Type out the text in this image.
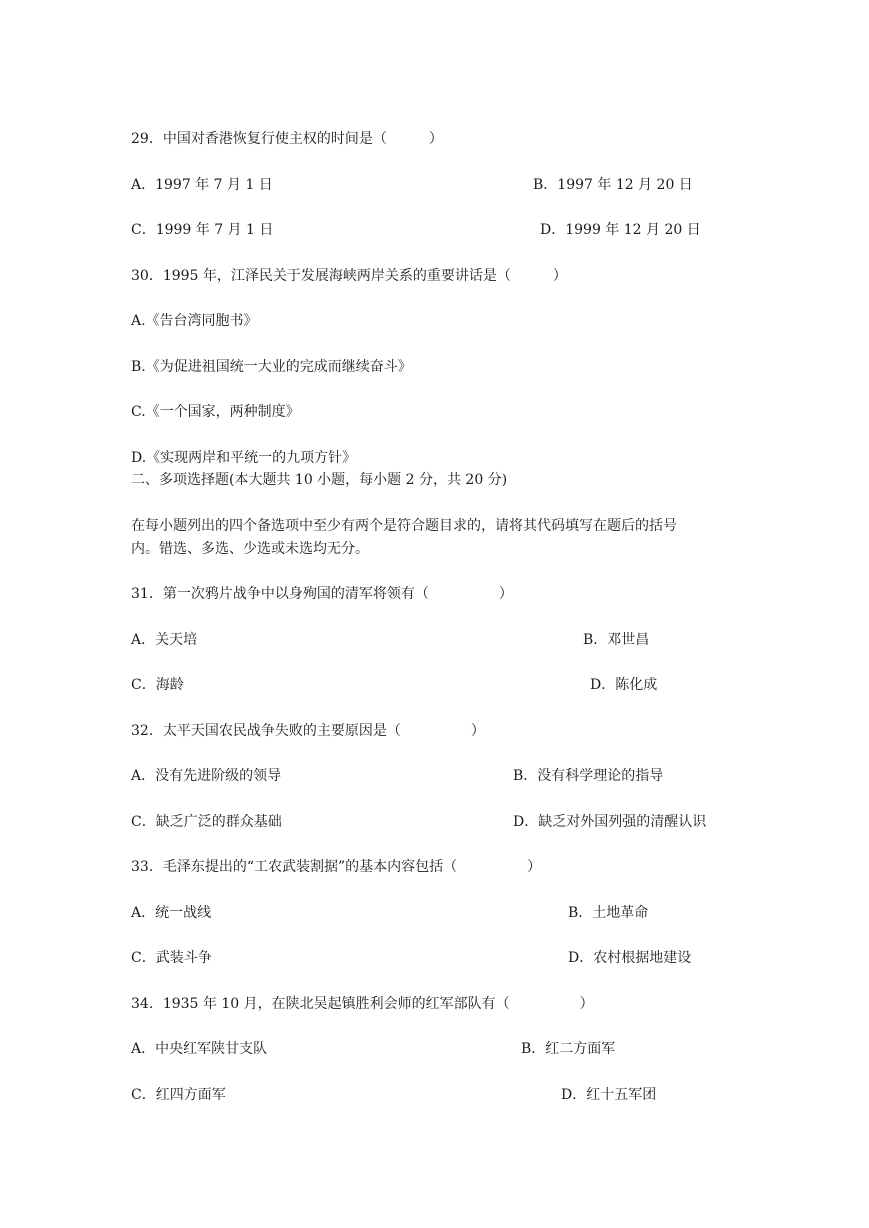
29．中国对香港恢复行使主权的时间是（　　　）
A．1997 年 7 月 1 日	B．1997 年 12 月 20 日
C．1999 年 7 月 1 日	D．1999 年 12 月 20 日
30．1995 年，江泽民关于发展海峡两岸关系的重要讲话是（　　　）
A.《告台湾同胞书》
B.《为促进祖国统一大业的完成而继续奋斗》
C.《一个国家，两种制度》
D.《实现两岸和平统一的九项方针》
二、多项选择题(本大题共 10 小题，每小题 2 分，共 20 分)
在每小题列出的四个备选项中至少有两个是符合题目求的，请将其代码填写在题后的括号
内。错选、多选、少选或未选均无分。
31．第一次鸦片战争中以身殉国的清军将领有（　　　　　）
A．关天培	B．邓世昌
C．海龄	D．陈化成
32．太平天国农民战争失败的主要原因是（　　　　　）
A．没有先进阶级的领导	B．没有科学理论的指导
C．缺乏广泛的群众基础	D．缺乏对外国列强的清醒认识
33．毛泽东提出的“工农武装割据”的基本内容包括（　　　　　）
A．统一战线	B．土地革命
C．武装斗争	D．农村根据地建设
34．1935 年 10 月，在陕北吴起镇胜利会师的红军部队有（　　　　　）
A．中央红军陕甘支队	B．红二方面军
C．红四方面军	D．红十五军团
